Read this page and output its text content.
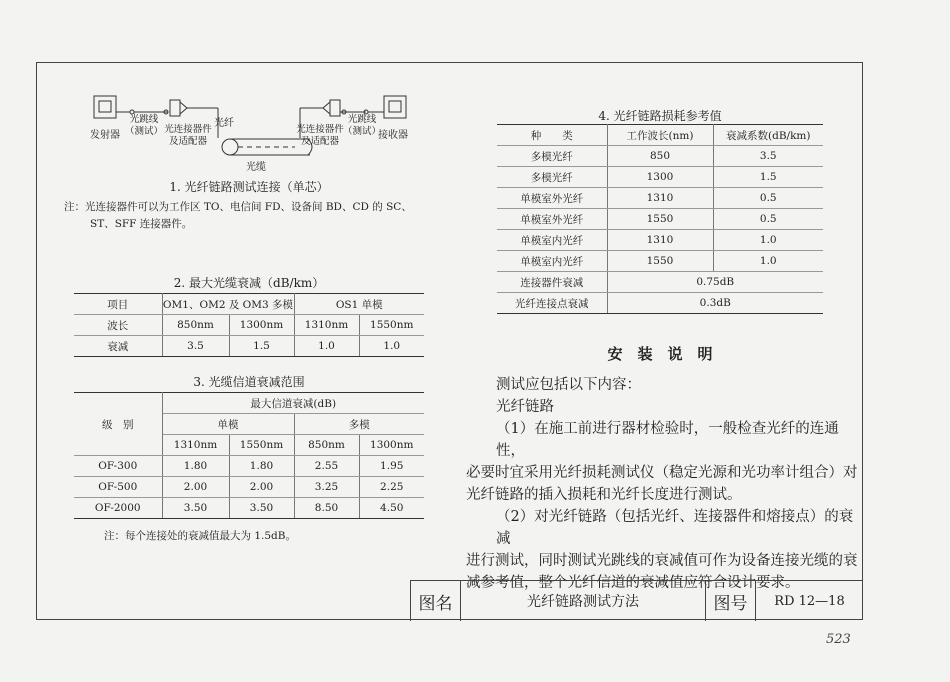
发射器
光跳线
（测试） 光连接器件
及适配器
光纤
光缆
光连接器件
及适配器
光跳线
（测试）
接收器
1. 光纤链路测试连接（单芯）
注：光连接器件可以为工作区 TO、电信间 FD、设备间 BD、CD 的 SC、
ST、SFF 连接器件。
2. 最大光缆衰减（dB/km）
项目	OM1、OM2 及 OM3 多模		OS1 单模	
波长	850nm	1300nm	1310nm	1550nm
衰减	3.5	1.5	1.0	1.0
3. 光缆信道衰减范围
级　别	最大信道衰减(dB)			
	单模		多模	
	1310nm	1550nm	850nm	1300nm
OF-300	1.80	1.80	2.55	1.95
OF-500	2.00	2.00	3.25	2.25
OF-2000	3.50	3.50	8.50	4.50
注：每个连接处的衰减值最大为 1.5dB。
4. 光纤链路损耗参考值
种　　类	工作波长(nm)	衰减系数(dB/km)
多模光纤	850	3.5
多模光纤	1300	1.5
单模室外光纤	1310	0.5
单模室外光纤	1550	0.5
单模室内光纤	1310	1.0
单模室内光纤	1550	1.0
连接器件衰减	0.75dB	
光纤连接点衰减	0.3dB	
安　装　说　明
测试应包括以下内容：
光纤链路
（1）在施工前进行器材检验时，一般检查光纤的连通性，
必要时宜采用光纤损耗测试仪（稳定光源和光功率计组合）对
光纤链路的插入损耗和光纤长度进行测试。
（2）对光纤链路（包括光纤、连接器件和熔接点）的衰减
进行测试，同时测试光跳线的衰减值可作为设备连接光缆的衰
减参考值，整个光纤信道的衰减值应符合设计要求。
图名	光纤链路测试方法	图号	RD 12—18
523
